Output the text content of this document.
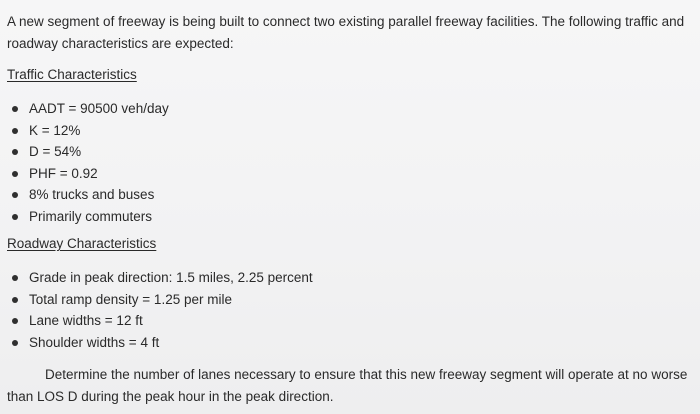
A new segment of freeway is being built to connect two existing parallel freeway facilities. The following traffic and roadway characteristics are expected:

Traffic Characteristics

AADT = 90500 veh/day
K = 12%
D = 54%
PHF = 0.92
8% trucks and buses
Primarily commuters

Roadway Characteristics

Grade in peak direction: 1.5 miles, 2.25 percent
Total ramp density = 1.25 per mile
Lane widths = 12 ft
Shoulder widths = 4 ft

Determine the number of lanes necessary to ensure that this new freeway segment will operate at no worse than LOS D during the peak hour in the peak direction.
